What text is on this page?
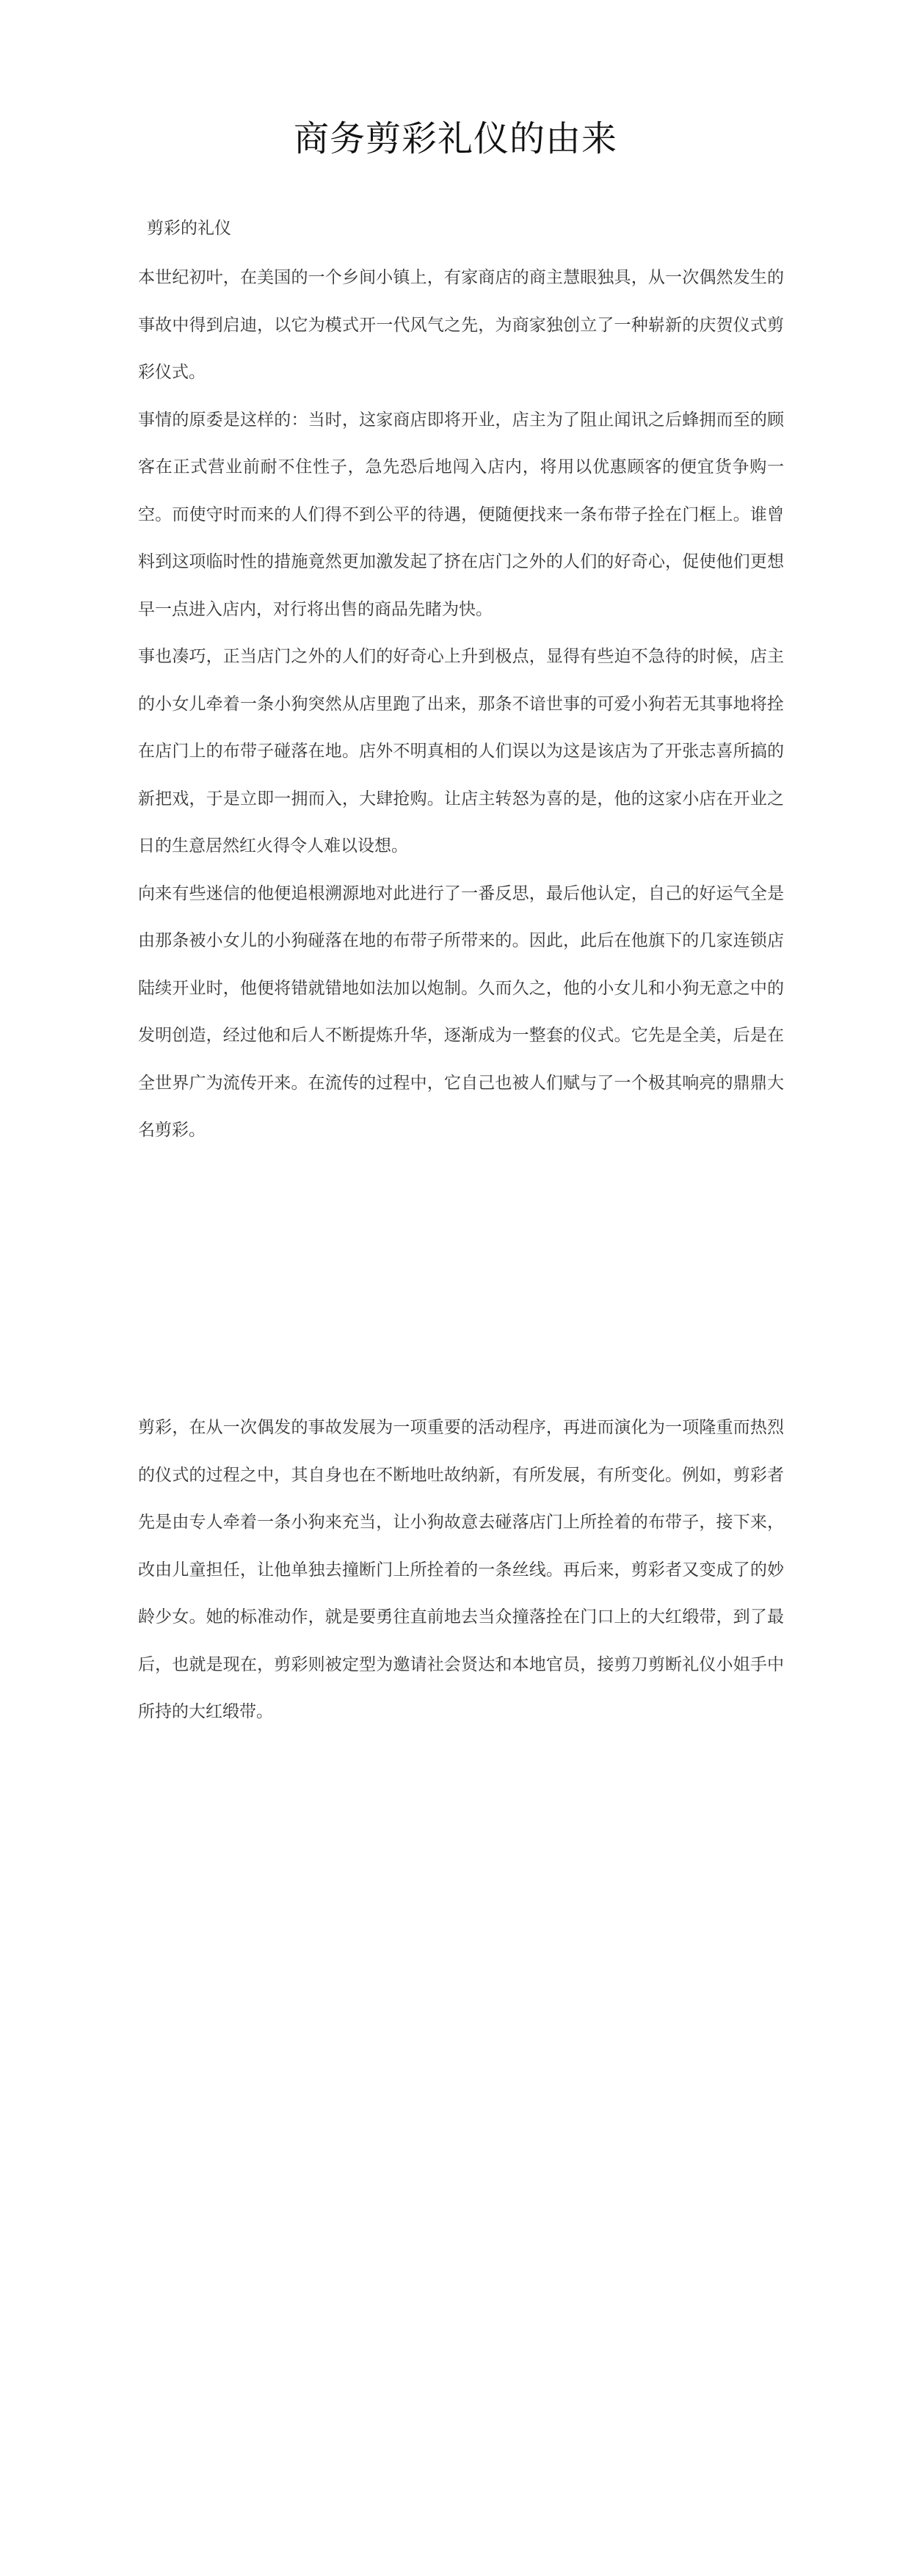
商务剪彩礼仪的由来
剪彩的礼仪

本世纪初叶，在美国的一个乡间小镇上，有家商店的商主慧眼独具，从一次偶然发生的事故中得到启迪，以它为模式开一代风气之先，为商家独创立了一种崭新的庆贺仪式剪彩仪式。

事情的原委是这样的：当时，这家商店即将开业，店主为了阻止闻讯之后蜂拥而至的顾客在正式营业前耐不住性子，急先恐后地闯入店内，将用以优惠顾客的便宜货争购一空。而使守时而来的人们得不到公平的待遇，便随便找来一条布带子拴在门框上。谁曾料到这项临时性的措施竟然更加激发起了挤在店门之外的人们的好奇心，促使他们更想早一点进入店内，对行将出售的商品先睹为快。

事也凑巧，正当店门之外的人们的好奇心上升到极点，显得有些迫不急待的时候，店主的小女儿牵着一条小狗突然从店里跑了出来，那条不谙世事的可爱小狗若无其事地将拴在店门上的布带子碰落在地。店外不明真相的人们误以为这是该店为了开张志喜所搞的新把戏，于是立即一拥而入，大肆抢购。让店主转怒为喜的是，他的这家小店在开业之日的生意居然红火得令人难以设想。

向来有些迷信的他便追根溯源地对此进行了一番反思，最后他认定，自己的好运气全是由那条被小女儿的小狗碰落在地的布带子所带来的。因此，此后在他旗下的几家连锁店陆续开业时，他便将错就错地如法加以炮制。久而久之，他的小女儿和小狗无意之中的发明创造，经过他和后人不断提炼升华，逐渐成为一整套的仪式。它先是全美，后是在全世界广为流传开来。在流传的过程中，它自己也被人们赋与了一个极其响亮的鼎鼎大名剪彩。

剪彩，在从一次偶发的事故发展为一项重要的活动程序，再进而演化为一项隆重而热烈的仪式的过程之中，其自身也在不断地吐故纳新，有所发展，有所变化。例如，剪彩者先是由专人牵着一条小狗来充当，让小狗故意去碰落店门上所拴着的布带子，接下来，改由儿童担任，让他单独去撞断门上所拴着的一条丝线。再后来，剪彩者又变成了的妙龄少女。她的标准动作，就是要勇往直前地去当众撞落拴在门口上的大红缎带，到了最后，也就是现在，剪彩则被定型为邀请社会贤达和本地官员，接剪刀剪断礼仪小姐手中所持的大红缎带。
